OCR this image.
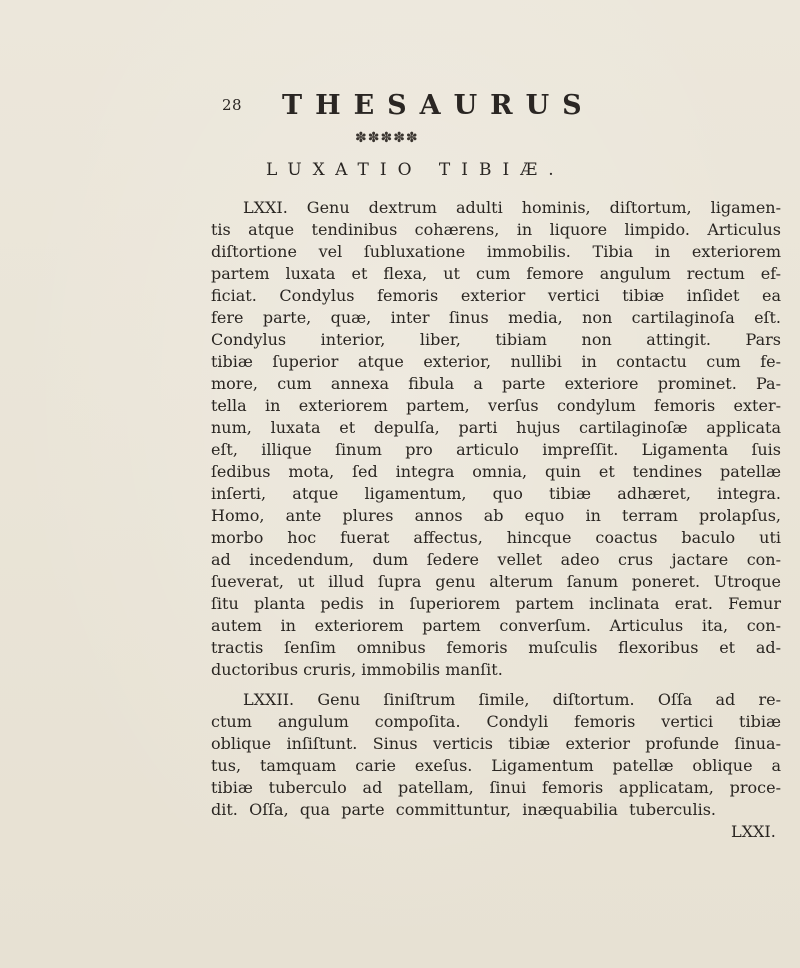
28 THESAURUS
✽✽✽✽✽
LUXATIO TIBIÆ.
LXXI. Genu dextrum adulti hominis, diſtortum, ligamen-
tis atque tendinibus cohærens, in liquore limpido. Articulus
diſtortione vel ſubluxatione immobilis. Tibia in exteriorem
partem luxata et flexa, ut cum femore angulum rectum ef-
ficiat. Condylus femoris exterior vertici tibiæ inſidet ea
fere parte, quæ, inter ſinus media, non cartilaginoſa eſt.
Condylus interior, liber, tibiam non attingit. Pars
tibiæ ſuperior atque exterior, nullibi in contactu cum fe-
more, cum annexa fibula a parte exteriore prominet. Pa-
tella in exteriorem partem, verſus condylum femoris exter-
num, luxata et depulſa, parti hujus cartilaginoſæ applicata
eſt, illique ſinum pro articulo impreſſit. Ligamenta ſuis
ſedibus mota, ſed integra omnia, quin et tendines patellæ
inſerti, atque ligamentum, quo tibiæ adhæret, integra.
Homo, ante plures annos ab equo in terram prolapſus,
morbo hoc fuerat affectus, hincque coactus baculo uti
ad incedendum, dum ſedere vellet adeo crus jactare con-
ſueverat, ut illud ſupra genu alterum ſanum poneret. Utroque
ſitu planta pedis in ſuperiorem partem inclinata erat. Femur
autem in exteriorem partem converſum. Articulus ita, con-
tractis ſenſim omnibus femoris muſculis flexoribus et ad-
ductoribus cruris, immobilis manſit.
LXXII. Genu ſiniſtrum ſimile, diſtortum. Oſſa ad re-
ctum angulum compoſita. Condyli femoris vertici tibiæ
oblique inſiſtunt. Sinus verticis tibiæ exterior profunde ſinua-
tus, tamquam carie exeſus. Ligamentum patellæ oblique a
tibiæ tuberculo ad patellam, ſinui femoris applicatam, proce-
dit. Oſſa, qua parte committuntur, inæquabilia tuberculis.
LXXI.
